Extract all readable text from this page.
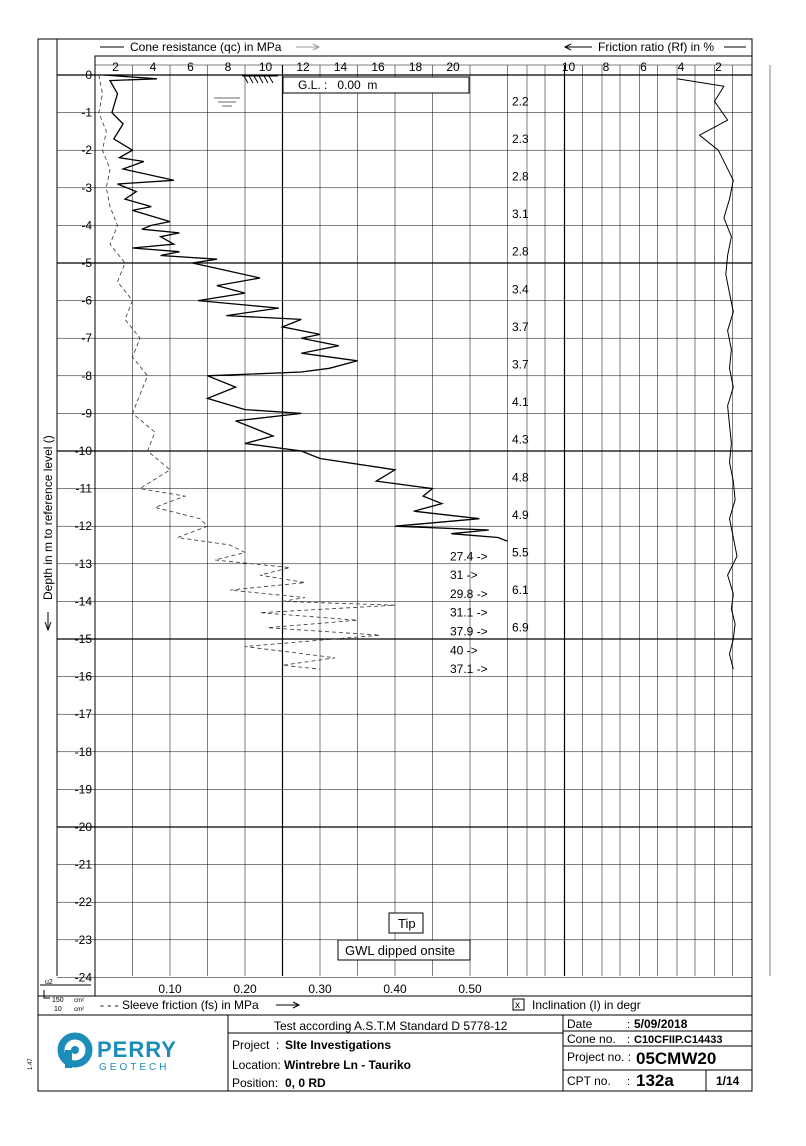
0
-1
-2
-3
-4
-5
-6
-7
-8
-9
-10
-11
-12
-13
-14
-15
-16
-17
-18
-19
-20
-21
-22
-23
-24
2	4	6	8 10 12 14 16 18 20	10 8	6	4	2
0.10	0.20	0.30	0.40	0.50
Cone resistance (qc) in MPa	Friction ratio (Rf) in %
Depth in m to reference level ()
G.L. :   0.00  m
2.2
2.3
2.8
3.1
2.8
3.4
3.7
3.7
4.1
4.3
4.8
4.9
5.5
6.1
6.9
27.4 ->
31 ->
29.8 ->
31.1 ->
37.9 ->
40 ->
37.1 ->
Tip
GWL dipped onsite
- - - Sleeve friction (fs) in MPa	x Inclination (I) in degr
u2
150 cm²
10 cm²
Test according A.S.T.M Standard D 5778-12
Project : SIte Investigations
Location: Wintrebre Ln - Tauriko
Position: 0, 0 RD
Date	: 5/09/2018
Cone no. : C10CFIIP.C14433
Project no. : 05CMW20
CPT no. : 132a	1/14
PERRY
GEOTECH
1.47
